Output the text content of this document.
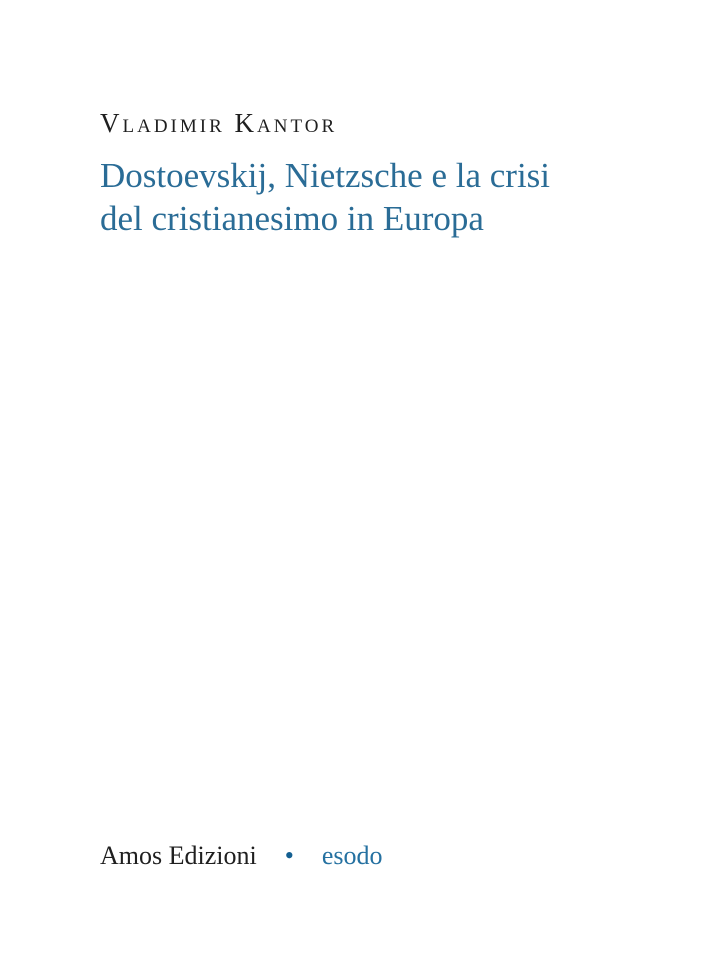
Vladimir Kantor
Dostoevskij, Nietzsche e la crisi
del cristianesimo in Europa
Amos Edizioni • esodo
